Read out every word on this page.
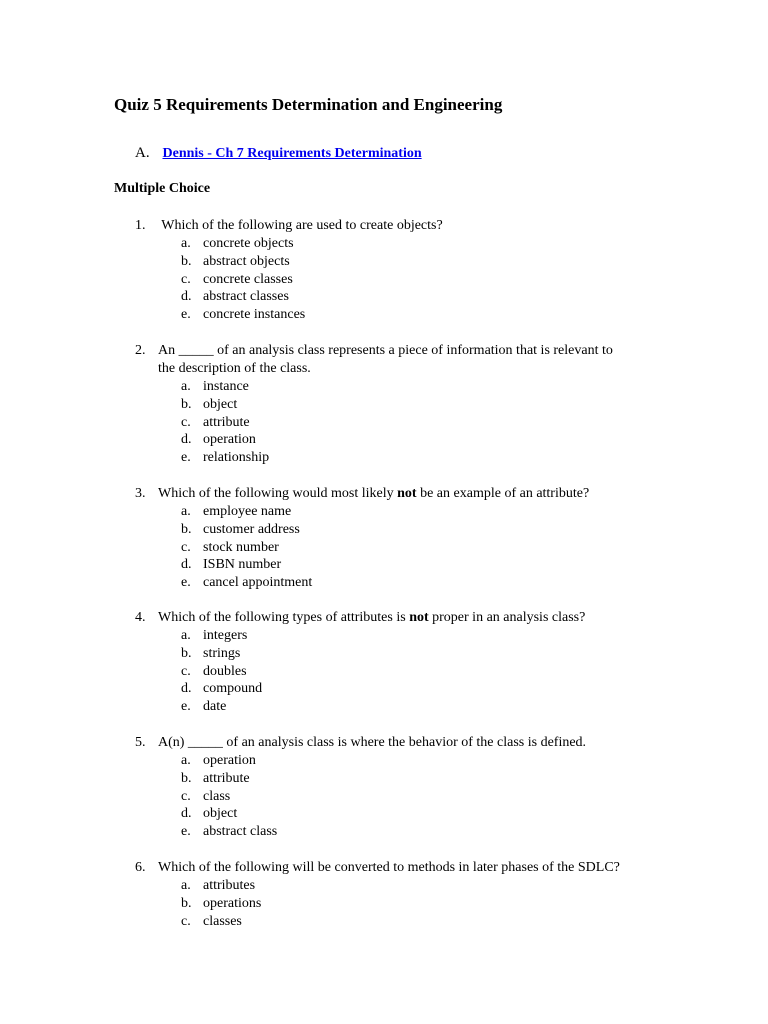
Quiz 5 Requirements Determination and Engineering
A. Dennis - Ch 7 Requirements Determination
Multiple Choice
1. Which of the following are used to create objects?
a. concrete objects
b. abstract objects
c. concrete classes
d. abstract classes
e. concrete instances
2. An _____ of an analysis class represents a piece of information that is relevant to
the description of the class.
a. instance
b. object
c. attribute
d. operation
e. relationship
3. Which of the following would most likely not be an example of an attribute?
a. employee name
b. customer address
c. stock number
d. ISBN number
e. cancel appointment
4. Which of the following types of attributes is not proper in an analysis class?
a. integers
b. strings
c. doubles
d. compound
e. date
5. A(n) _____ of an analysis class is where the behavior of the class is defined.
a. operation
b. attribute
c. class
d. object
e. abstract class
6. Which of the following will be converted to methods in later phases of the SDLC?
a. attributes
b. operations
c. classes
